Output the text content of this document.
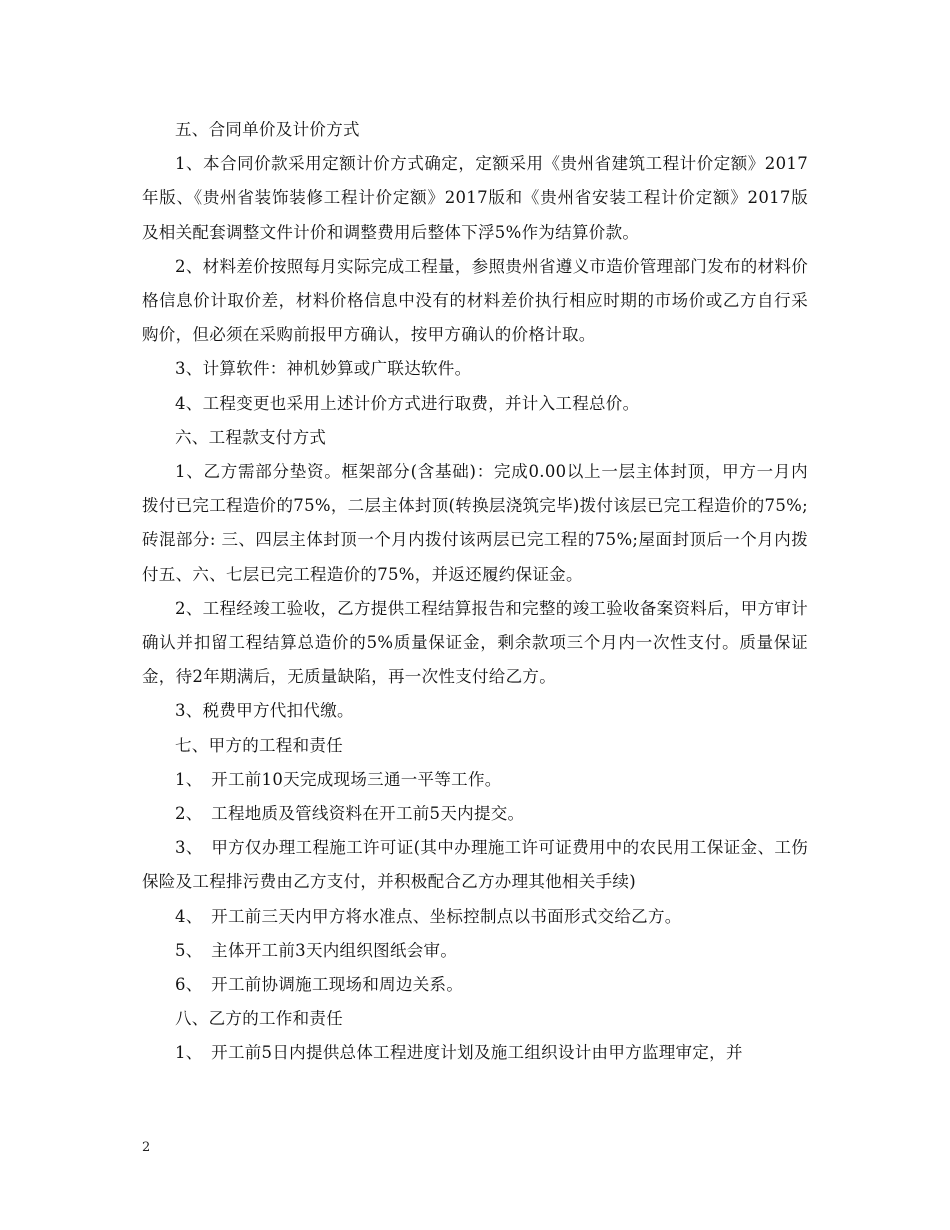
五、合同单价及计价方式

1、本合同价款采用定额计价方式确定，定额采用《贵州省建筑工程计价定额》2017年版、《贵州省装饰装修工程计价定额》2017版和《贵州省安装工程计价定额》2017版及相关配套调整文件计价和调整费用后整体下浮5%作为结算价款。

2、材料差价按照每月实际完成工程量，参照贵州省遵义市造价管理部门发布的材料价格信息价计取价差，材料价格信息中没有的材料差价执行相应时期的市场价或乙方自行采购价，但必须在采购前报甲方确认，按甲方确认的价格计取。

3、计算软件：神机妙算或广联达软件。

4、工程变更也采用上述计价方式进行取费，并计入工程总价。

六、工程款支付方式

1、乙方需部分垫资。框架部分(含基础)：完成0.00以上一层主体封顶，甲方一月内拨付已完工程造价的75%，二层主体封顶(转换层浇筑完毕)拨付该层已完工程造价的75%;砖混部分: 三、四层主体封顶一个月内拨付该两层已完工程的75%;屋面封顶后一个月内拨付五、六、七层已完工程造价的75%，并返还履约保证金。

2、工程经竣工验收，乙方提供工程结算报告和完整的竣工验收备案资料后，甲方审计确认并扣留工程结算总造价的5%质量保证金，剩余款项三个月内一次性支付。质量保证金，待2年期满后，无质量缺陷，再一次性支付给乙方。

3、税费甲方代扣代缴。

七、甲方的工程和责任

1、　开工前10天完成现场三通一平等工作。

2、　工程地质及管线资料在开工前5天内提交。

3、　甲方仅办理工程施工许可证(其中办理施工许可证费用中的农民用工保证金、工伤保险及工程排污费由乙方支付，并积极配合乙方办理其他相关手续)

4、　开工前三天内甲方将水准点、坐标控制点以书面形式交给乙方。

5、　主体开工前3天内组织图纸会审。

6、　开工前协调施工现场和周边关系。

八、乙方的工作和责任

1、　开工前5日内提供总体工程进度计划及施工组织设计由甲方监理审定，并

2
